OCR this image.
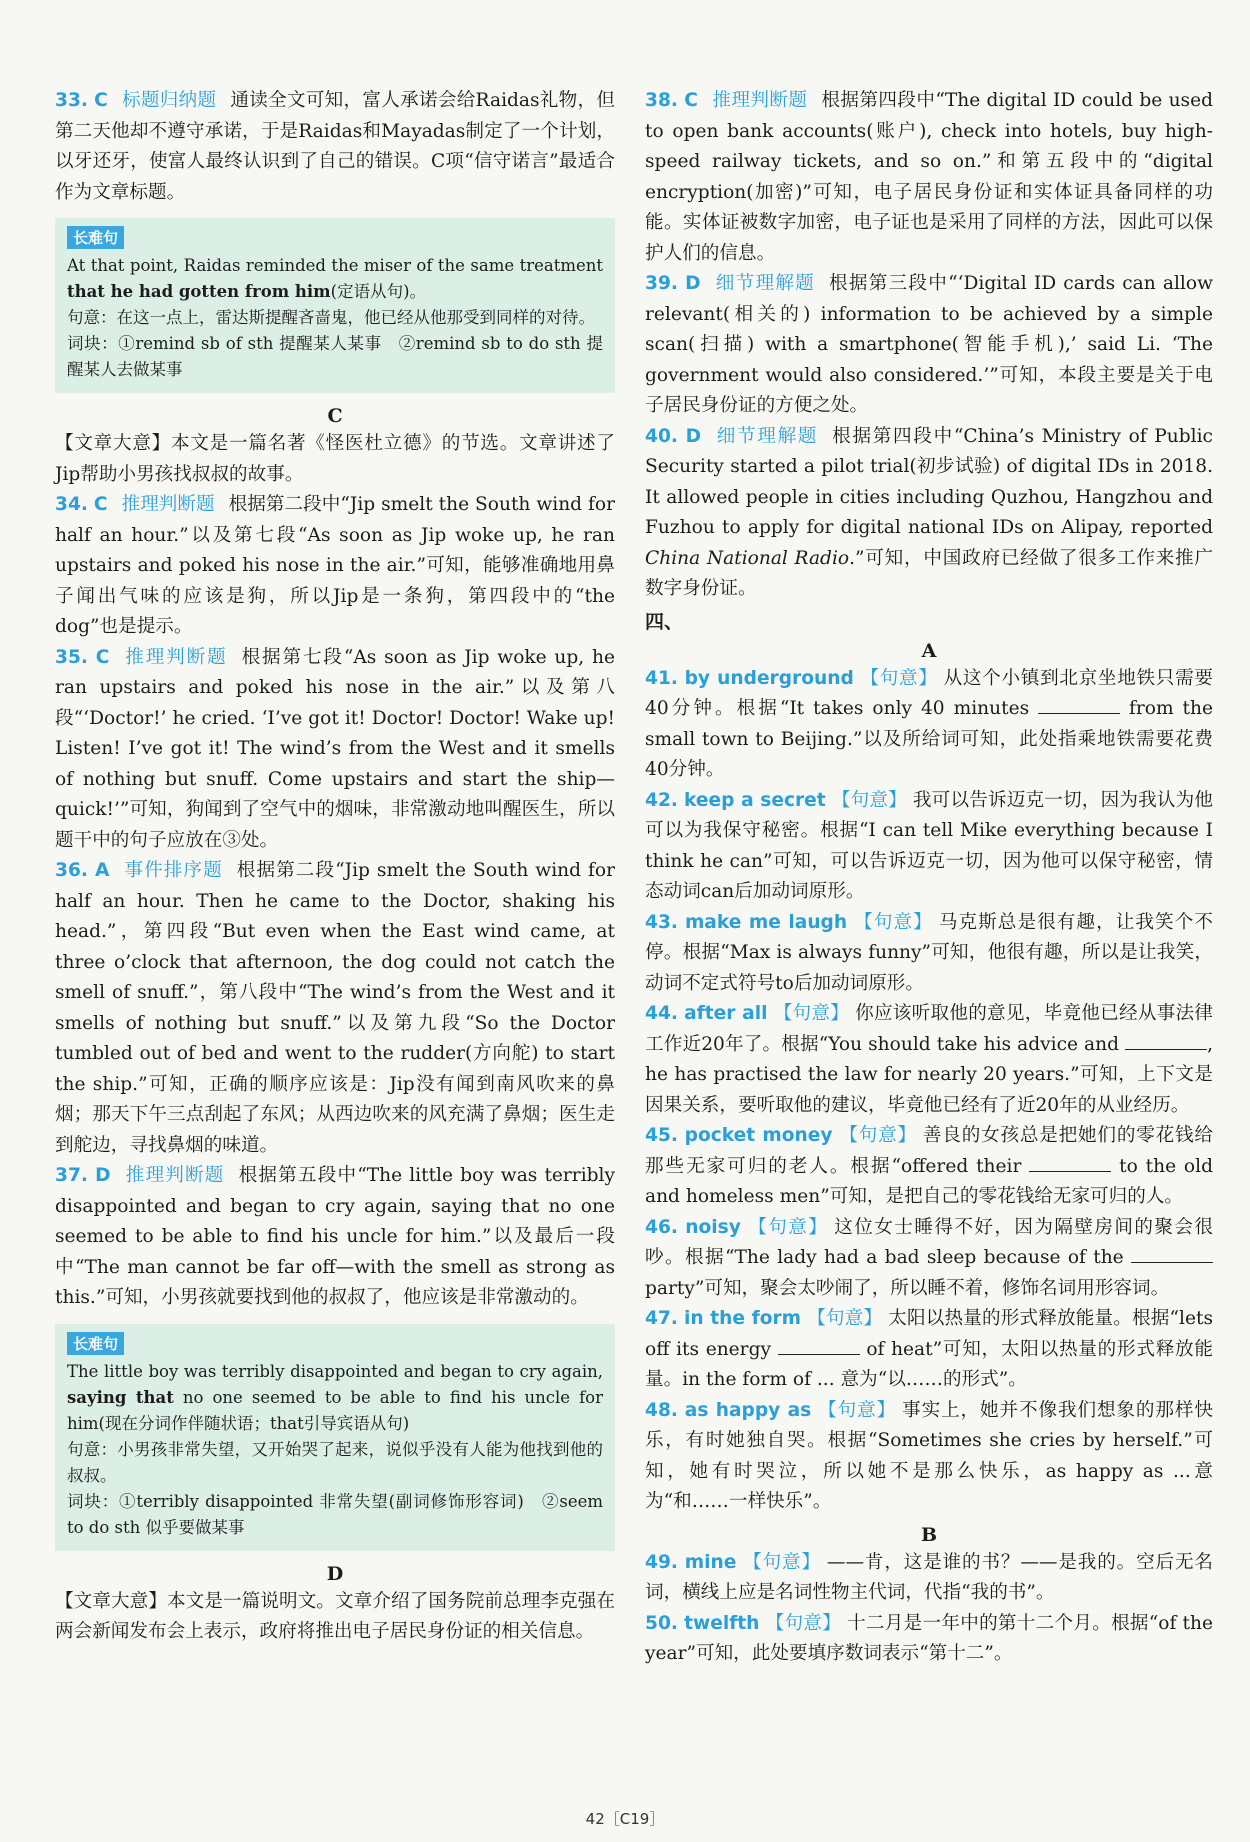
33. C 标题归纳题 通读全文可知，富人承诺会给Raidas礼物，但第二天他却不遵守承诺，于是Raidas和Mayadas制定了一个计划，以牙还牙，使富人最终认识到了自己的错误。C项“信守诺言”最适合作为文章标题。

长难句

At that point, Raidas reminded the miser of the same treatment that he had gotten from him(定语从句)。

句意：在这一点上，雷达斯提醒吝啬鬼，他已经从他那受到同样的对待。

词块：①remind sb of sth 提醒某人某事　②remind sb to do sth 提醒某人去做某事

C

【文章大意】本文是一篇名著《怪医杜立德》的节选。文章讲述了Jip帮助小男孩找叔叔的故事。

34. C 推理判断题 根据第二段中“Jip smelt the South wind for half an hour.”以及第七段“As soon as Jip woke up, he ran upstairs and poked his nose in the air.”可知，能够准确地用鼻子闻出气味的应该是狗，所以Jip是一条狗，第四段中的“the dog”也是提示。

35. C 推理判断题 根据第七段“As soon as Jip woke up, he ran upstairs and poked his nose in the air.”以及第八段“‘Doctor!’ he cried. ‘I’ve got it! Doctor! Doctor! Wake up! Listen! I’ve got it! The wind’s from the West and it smells of nothing but snuff. Come upstairs and start the ship—quick!’”可知，狗闻到了空气中的烟味，非常激动地叫醒医生，所以题干中的句子应放在③处。

36. A 事件排序题 根据第二段“Jip smelt the South wind for half an hour. Then he came to the Doctor, shaking his head.”，第四段“But even when the East wind came, at three o’clock that afternoon, the dog could not catch the smell of snuff.”，第八段中“The wind’s from the West and it smells of nothing but snuff.”以及第九段“So the Doctor tumbled out of bed and went to the rudder(方向舵) to start the ship.”可知，正确的顺序应该是：Jip没有闻到南风吹来的鼻烟；那天下午三点刮起了东风；从西边吹来的风充满了鼻烟；医生走到舵边，寻找鼻烟的味道。

37. D 推理判断题 根据第五段中“The little boy was terribly disappointed and began to cry again, saying that no one seemed to be able to find his uncle for him.”以及最后一段中“The man cannot be far off—with the smell as strong as this.”可知，小男孩就要找到他的叔叔了，他应该是非常激动的。

长难句

The little boy was terribly disappointed and began to cry again, saying that no one seemed to be able to find his uncle for him(现在分词作伴随状语；that引导宾语从句)

句意：小男孩非常失望，又开始哭了起来，说似乎没有人能为他找到他的叔叔。

词块：①terribly disappointed 非常失望(副词修饰形容词)　②seem to do sth 似乎要做某事

D

【文章大意】本文是一篇说明文。文章介绍了国务院前总理李克强在两会新闻发布会上表示，政府将推出电子居民身份证的相关信息。

38. C 推理判断题 根据第四段中“The digital ID could be used to open bank accounts(账户), check into hotels, buy high-speed railway tickets, and so on.”和第五段中的“digital encryption(加密)”可知，电子居民身份证和实体证具备同样的功能。实体证被数字加密，电子证也是采用了同样的方法，因此可以保护人们的信息。

39. D 细节理解题 根据第三段中“‘Digital ID cards can allow relevant(相关的) information to be achieved by a simple scan(扫描) with a smartphone(智能手机),’ said Li. ‘The government would also considered.’”可知，本段主要是关于电子居民身份证的方便之处。

40. D 细节理解题 根据第四段中“China’s Ministry of Public Security started a pilot trial(初步试验) of digital IDs in 2018. It allowed people in cities including Quzhou, Hangzhou and Fuzhou to apply for digital national IDs on Alipay, reported China National Radio.”可知，中国政府已经做了很多工作来推广数字身份证。

四、
A

41. by underground 【句意】 从这个小镇到北京坐地铁只需要40分钟。根据“It takes only 40 minutes	from the small town to Beijing.”以及所给词可知，此处指乘地铁需要花费40分钟。

42. keep a secret 【句意】 我可以告诉迈克一切，因为我认为他可以为我保守秘密。根据“I can tell Mike everything because I think he can”可知，可以告诉迈克一切，因为他可以保守秘密，情态动词can后加动词原形。

43. make me laugh 【句意】 马克斯总是很有趣，让我笑个不停。根据“Max is always funny”可知，他很有趣，所以是让我笑，动词不定式符号to后加动词原形。

44. after all 【句意】 你应该听取他的意见，毕竟他已经从事法律工作近20年了。根据“You should take his advice and	, he has practised the law for nearly 20 years.”可知，上下文是因果关系，要听取他的建议，毕竟他已经有了近20年的从业经历。

45. pocket money 【句意】 善良的女孩总是把她们的零花钱给那些无家可归的老人。根据“offered their	to the old and homeless men”可知，是把自己的零花钱给无家可归的人。

46. noisy 【句意】 这位女士睡得不好，因为隔壁房间的聚会很吵。根据“The lady had a bad sleep because of the  party”可知，聚会太吵闹了，所以睡不着，修饰名词用形容词。

47. in the form 【句意】 太阳以热量的形式释放能量。根据“lets off its energy	of heat”可知，太阳以热量的形式释放能量。in the form of ... 意为“以……的形式”。

48. as happy as 【句意】 事实上，她并不像我们想象的那样快乐，有时她独自哭。根据“Sometimes she cries by herself.”可知，她有时哭泣，所以她不是那么快乐，as happy as ...意为“和……一样快乐”。

B

49. mine 【句意】 ——肯，这是谁的书？——是我的。空后无名词，横线上应是名词性物主代词，代指“我的书”。

50. twelfth 【句意】 十二月是一年中的第十二个月。根据“of the year”可知，此处要填序数词表示“第十二”。

42［C19］
